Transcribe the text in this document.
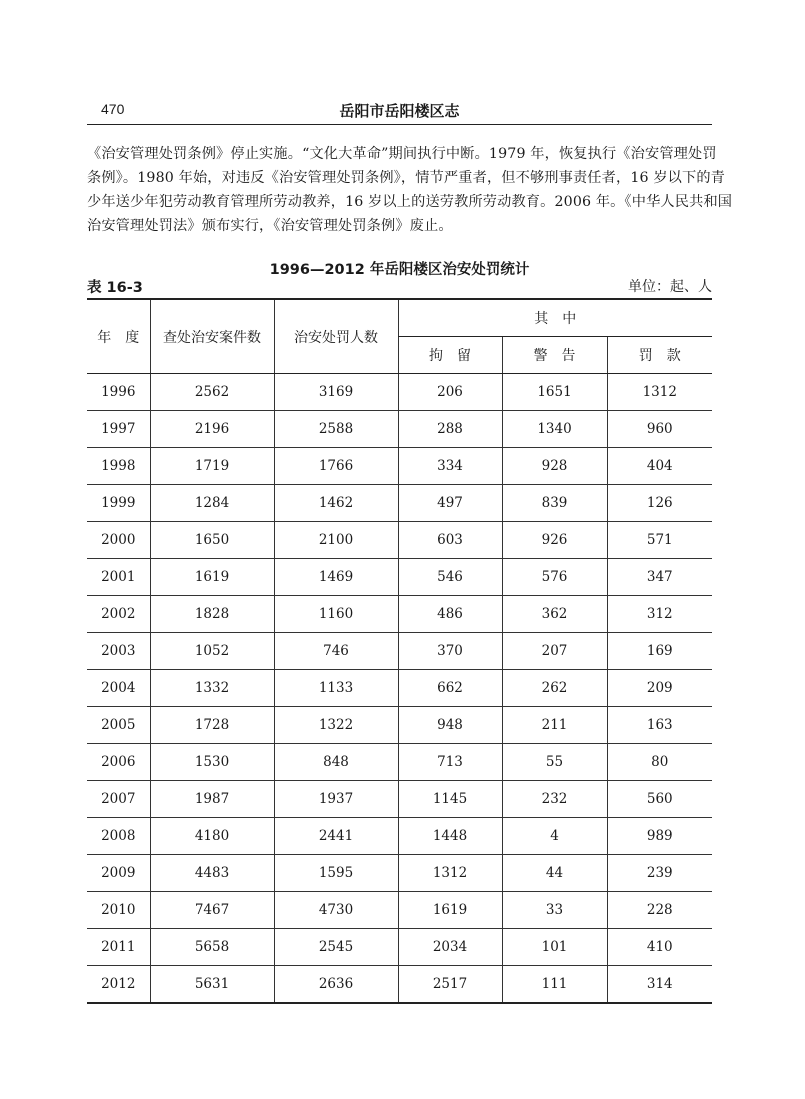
470	岳阳市岳阳楼区志
《治安管理处罚条例》停止实施。“文化大革命”期间执行中断。1979 年，恢复执行《治安管理处罚
条例》。1980 年始，对违反《治安管理处罚条例》，情节严重者，但不够刑事责任者，16 岁以下的青
少年送少年犯劳动教育管理所劳动教养，16 岁以上的送劳教所劳动教育。2006 年。《中华人民共和国
治安管理处罚法》颁布实行，《治安管理处罚条例》废止。
1996—2012 年岳阳楼区治安处罚统计
表 16-3	单位：起、人
年　度	查处治安案件数	治安处罚人数	其　中		
			拘　留	警　告	罚　款
1996	2562	3169	206	1651	1312
1997	2196	2588	288	1340	960
1998	1719	1766	334	928	404
1999	1284	1462	497	839	126
2000	1650	2100	603	926	571
2001	1619	1469	546	576	347
2002	1828	1160	486	362	312
2003	1052	746	370	207	169
2004	1332	1133	662	262	209
2005	1728	1322	948	211	163
2006	1530	848	713	55	80
2007	1987	1937	1145	232	560
2008	4180	2441	1448	4	989
2009	4483	1595	1312	44	239
2010	7467	4730	1619	33	228
2011	5658	2545	2034	101	410
2012	5631	2636	2517	111	314
